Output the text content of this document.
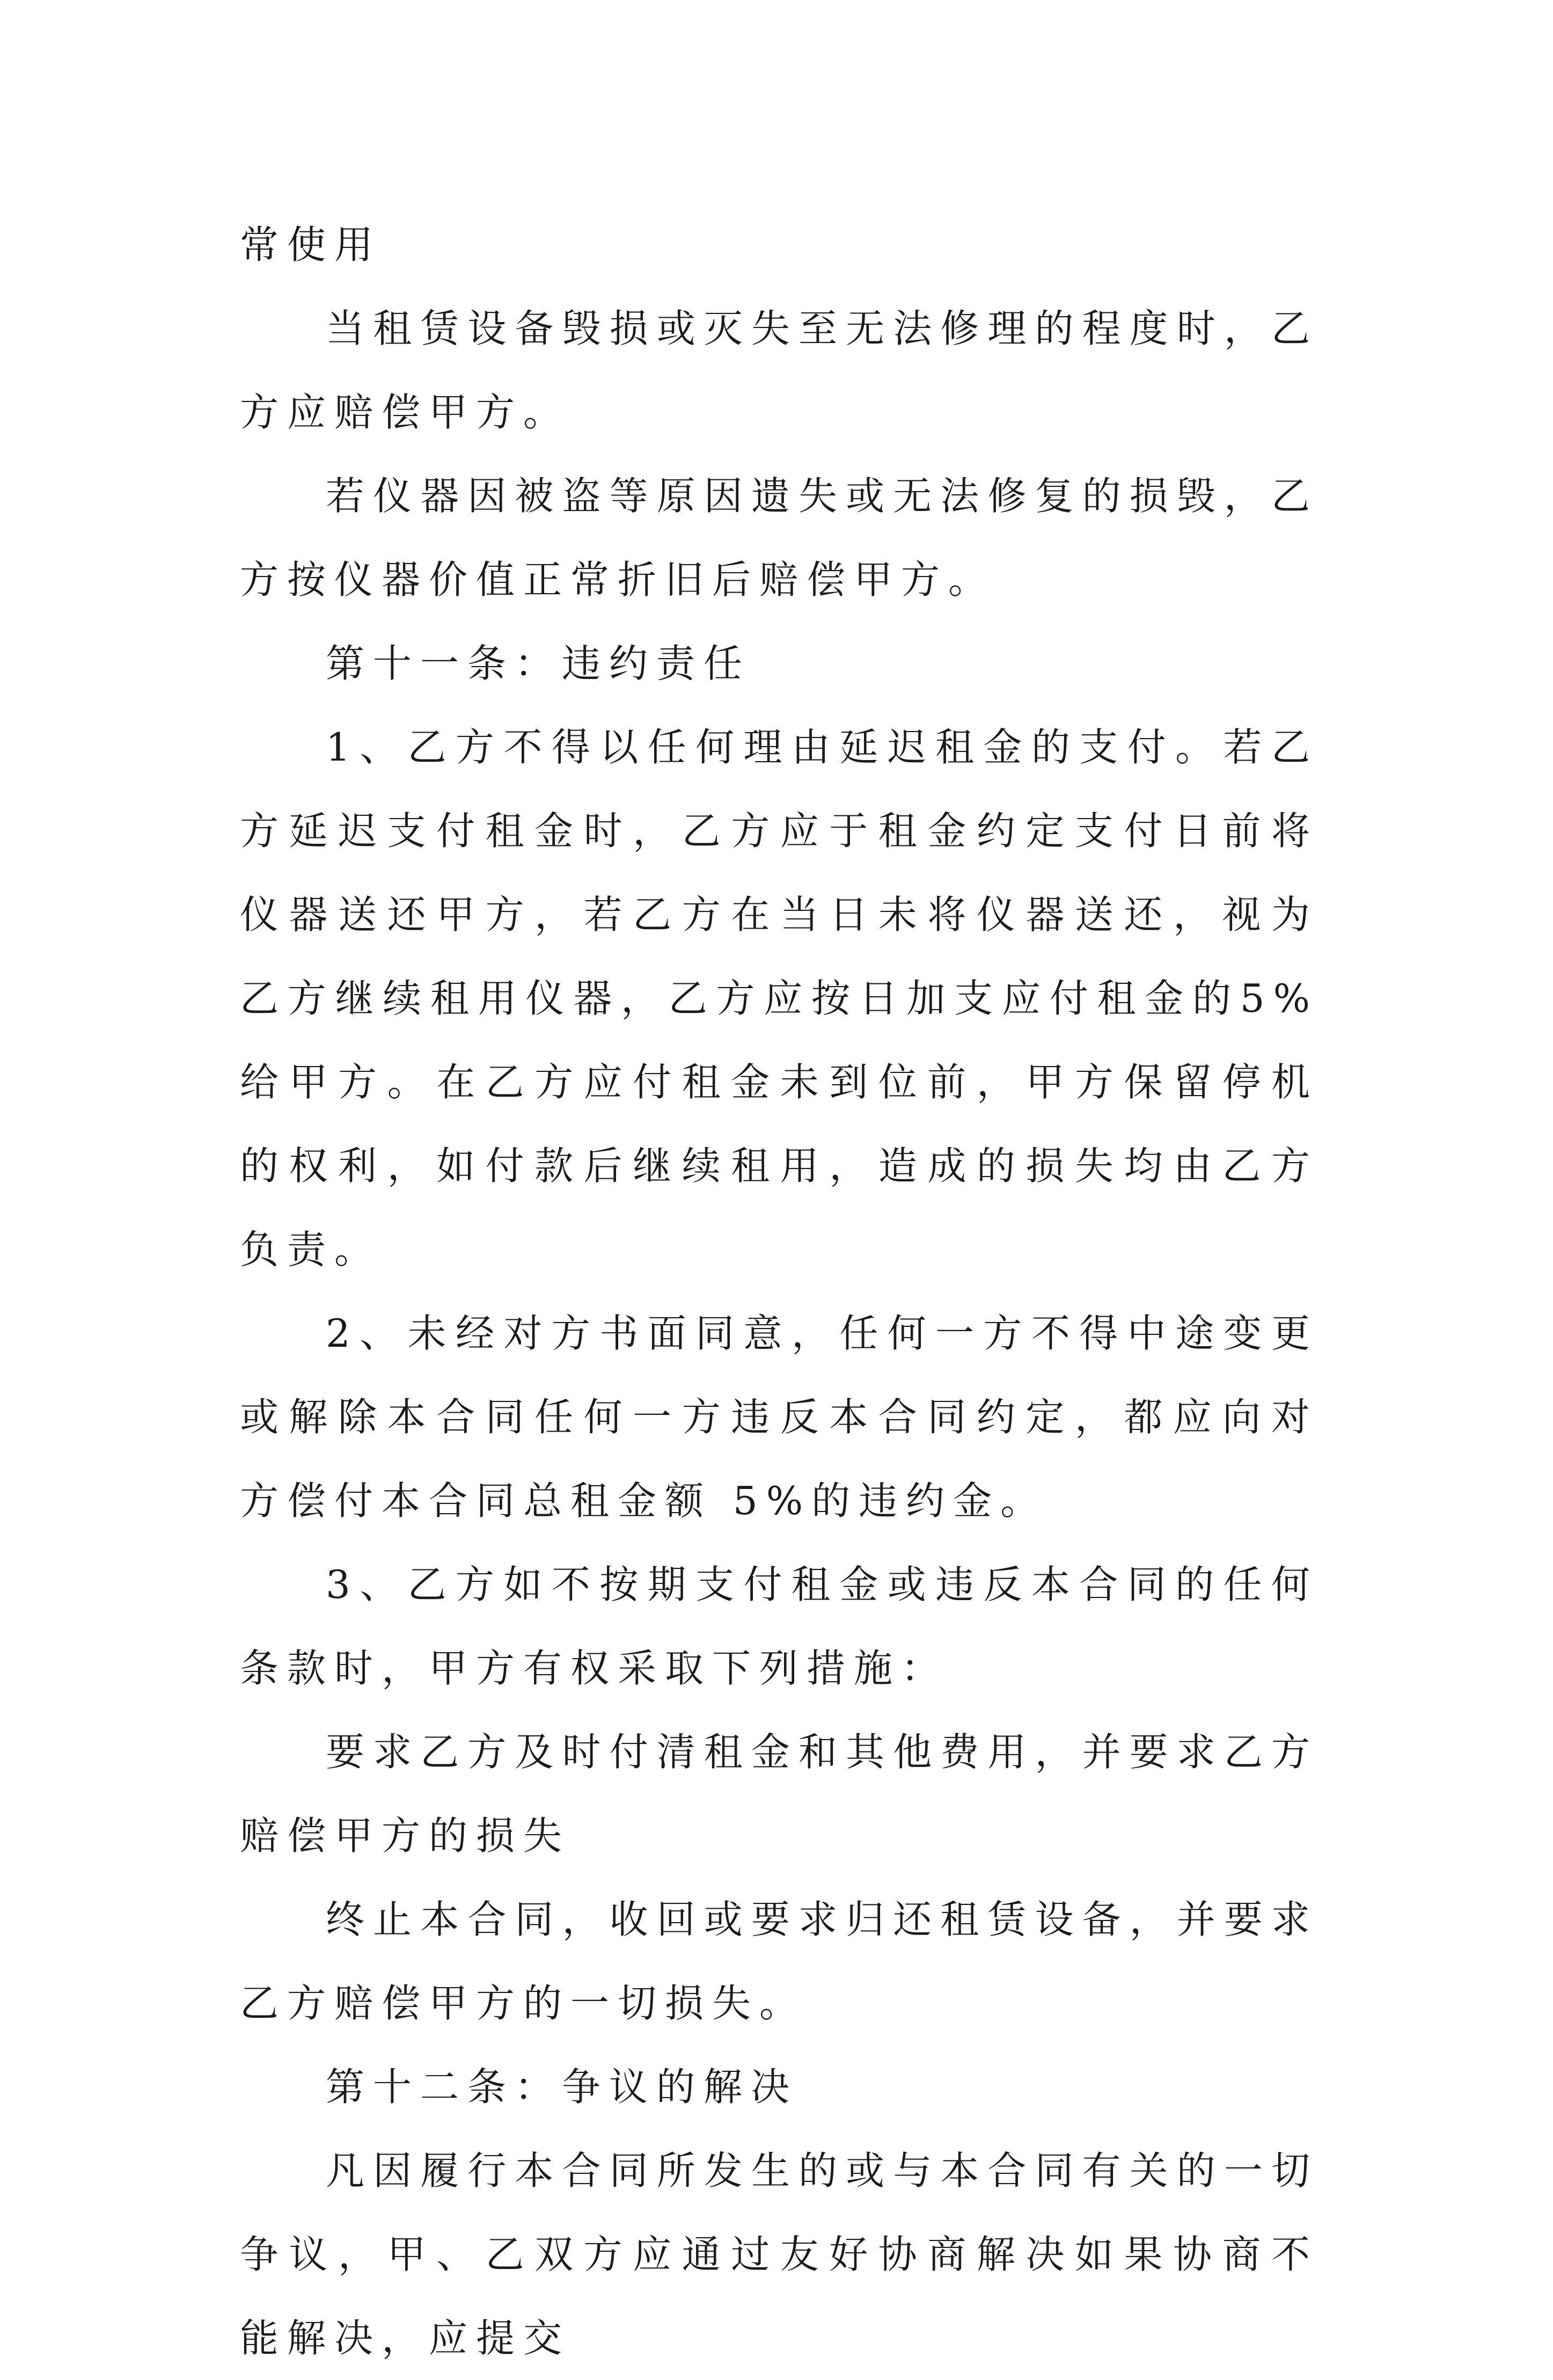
常使用

当租赁设备毁损或灭失至无法修理的程度时，乙方应赔偿甲方。

若仪器因被盗等原因遗失或无法修复的损毁，乙方按仪器价值正常折旧后赔偿甲方。

第十一条：违约责任

1、乙方不得以任何理由延迟租金的支付。若乙方延迟支付租金时，乙方应于租金约定支付日前将仪器送还甲方，若乙方在当日未将仪器送还，视为乙方继续租用仪器，乙方应按日加支应付租金的5%给甲方。在乙方应付租金未到位前，甲方保留停机的权利，如付款后继续租用，造成的损失均由乙方负责。

2、未经对方书面同意，任何一方不得中途变更或解除本合同任何一方违反本合同约定，都应向对方偿付本合同总租金额 5%的违约金。

3、乙方如不按期支付租金或违反本合同的任何条款时，甲方有权采取下列措施：

要求乙方及时付清租金和其他费用，并要求乙方赔偿甲方的损失

终止本合同，收回或要求归还租赁设备，并要求乙方赔偿甲方的一切损失。

第十二条：争议的解决

凡因履行本合同所发生的或与本合同有关的一切争议，甲、乙双方应通过友好协商解决如果协商不能解决，应提交
